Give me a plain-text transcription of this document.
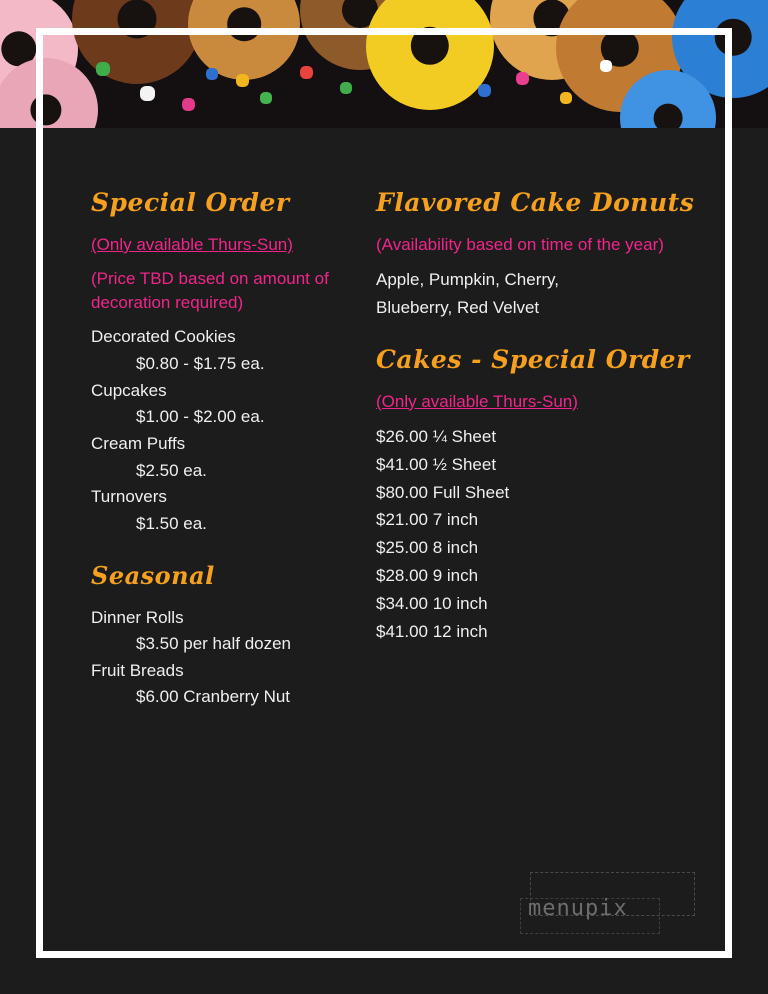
Special Order

(Only available Thurs-Sun)

(Price TBD based on amount of decoration required)

Decorated Cookies

$0.80 - $1.75 ea.

Cupcakes

$1.00 - $2.00 ea.

Cream Puffs

$2.50 ea.

Turnovers

$1.50 ea.

Seasonal

Dinner Rolls

$3.50 per half dozen

Fruit Breads

$6.00 Cranberry Nut

Flavored Cake Donuts

(Availability based on time of the year)

Apple, Pumpkin, Cherry,

Blueberry, Red Velvet

Cakes - Special Order

(Only available Thurs-Sun)

$26.00 ¼ Sheet

$41.00 ½ Sheet

$80.00 Full Sheet

$21.00 7 inch

$25.00 8 inch

$28.00 9 inch

$34.00 10 inch

$41.00 12 inch

menupix
